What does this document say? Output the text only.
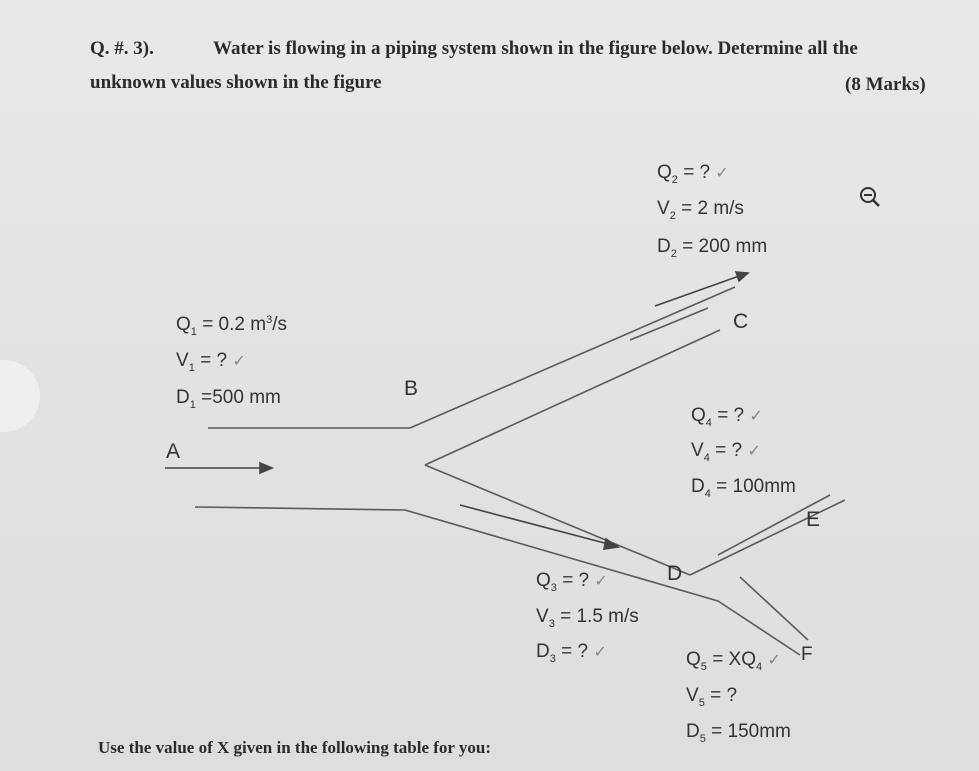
Q. #. 3).	Water is flowing in a piping system shown in the figure below. Determine all the
unknown values shown in the figure	(8 Marks)
$Q_2$ = ? ✓
$V_2 = 2$ m/s
$D_2 = 200$ mm
C
$Q_1 = 0.2$ $m^3/s$
$V_1$ = ? ✓
$D_1 =500$ mm	B
A
$Q_4$ = ? ✓
$V_4$ = ? ✓
$D_4 = 100mm$
E
D
$Q_3$ = ? ✓
$V_3 = 1.5$ m/s
$D_3$ = ? ✓	$Q_5 = XQ_4$ ✓ F
$V_5$ = ?
$D_5 = 150mm$
Use the value of X given in the following table for you:
